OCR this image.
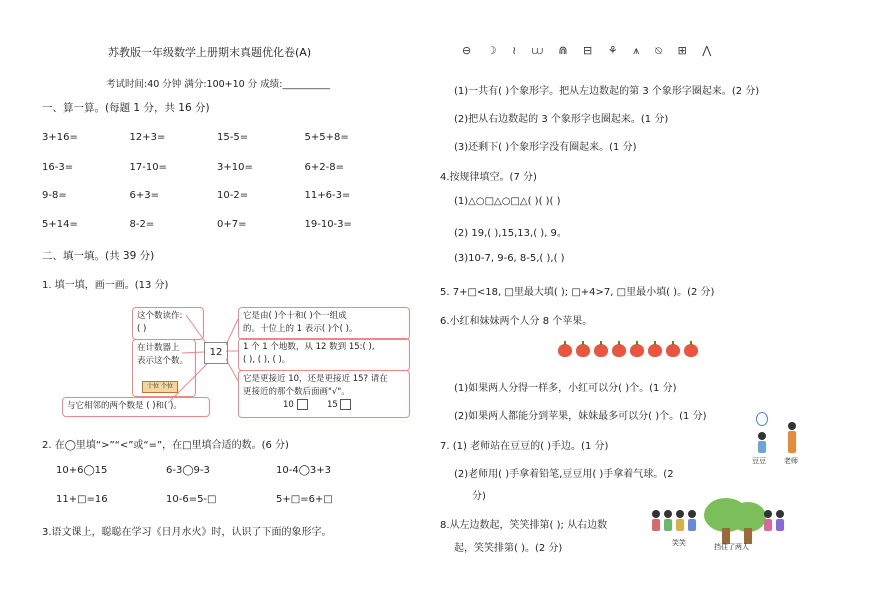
苏教版一年级数学上册期末真题优化卷(A)
考试时间:40 分钟 满分:100+10 分 成绩:__________
一、算一算。(每题 1 分，共 16 分)
3+16=	12+3=	15-5=	5+5+8=
16-3=	17-10=	3+10=	6+2-8=
9-8=	6+3=	10-2=	11+6-3=
5+14=	8-2=	0+7=	19-10-3=
二、填一填。(共 39 分)
1. 填一填，画一画。(13 分)
这个数读作:
( )
在计数器上
表示这个数。
十位 个位
12
与它相邻的两个数是 ( )和( )。
它是由( )个十和( )个一组成
的。十位上的 1 表示( )个( )。
1 个 1 个地数，从 12 数到 15:( ),
( ), ( ), ( )。
它是更接近 10，还是更接近 15? 请在
更接近的那个数后面画"√"。
10	15
2. 在◯里填“>”“<”或“=”，在□里填合适的数。(6 分)
10+6◯15	6-3◯9-3	10-4◯3+3
11+□=16	10-6=5-□	5+□=6+□
3.语文课上，聪聪在学习《日月水火》时，认识了下面的象形字。
⊖ ☽ ≀ ⩊ ⋒ ⊟ ⚘ ⩚ ⦰ ⊞ ⋀
(1)一共有( )个象形字。把从左边数起的第 3 个象形字圈起来。(2 分)
(2)把从右边数起的 3 个象形字也圈起来。(1 分)
(3)还剩下( )个象形字没有圈起来。(1 分)
4.按规律填空。(7 分)
(1)△○□△○□△( )( )( )
(2) 19,( ),15,13,( ), 9。
(3)10-7, 9-6, 8-5,( ),( )
5. 7+□<18, □里最大填( ); □+4>7, □里最小填( )。(2 分)
6.小红和妹妹两个人分 8 个苹果。
(1)如果两人分得一样多，小红可以分( )个。(1 分)
(2)如果两人都能分到苹果，妹妹最多可以分( )个。(1 分)
7. (1) 老师站在豆豆的( )手边。(1 分)
(2)老师用( )手拿着铅笔,豆豆用( )手拿着气球。(2
分)
豆豆	老师
8.从左边数起，笑笑排第( ); 从右边数
起，笑笑排第( )。(2 分)	笑笑	挡住了两人
